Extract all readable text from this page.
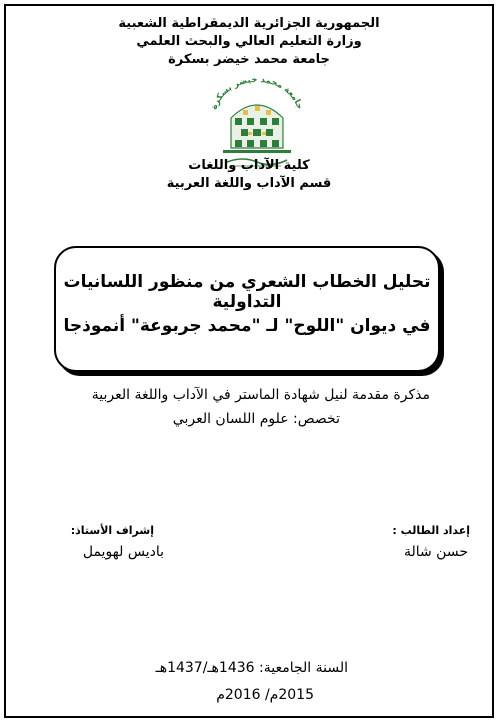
الجمهورية الجزائرية الديمقراطية الشعبية
وزارة التعليم العالي والبحث العلمي
جامعة محمد خيضر بسكرة
جامعة محمد خيضر بسكرة
كلية الآداب واللغات
قسم الآداب واللغة العربية
تحليل الخطاب الشعري من منظور اللسانيات التداولية
في ديوان "اللوح" لـ "محمد جربوعة" أنموذجا
مذكرة مقدمة لنيل شهادة الماستر في الآداب واللغة العربية
تخصص: علوم اللسان العربي
إعداد الطالب :
حسن شالة
إشراف الأستاذ:
باديس لهويمل
السنة الجامعية: 1436هـ/1437هـ
2015م/ 2016م
